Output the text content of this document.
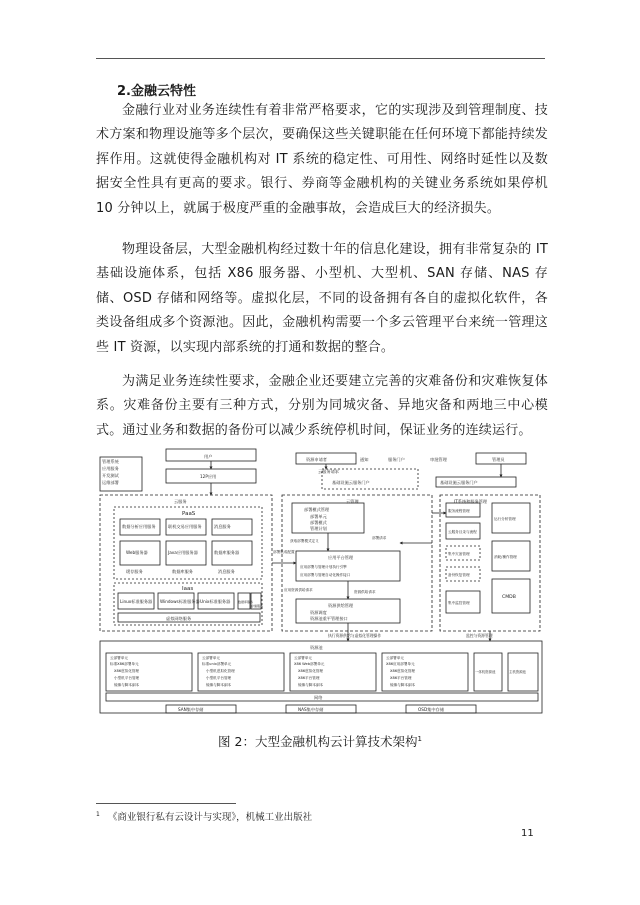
2.金融云特性
金融行业对业务连续性有着非常严格要求，它的实现涉及到管理制度、技术方案和物理设施等多个层次，要确保这些关键职能在任何环境下都能持续发挥作用。这就使得金融机构对 IT 系统的稳定性、可用性、网络时延性以及数据安全性具有更高的要求。银行、券商等金融机构的关键业务系统如果停机 10 分钟以上，就属于极度严重的金融事故，会造成巨大的经济损失。
物理设备层，大型金融机构经过数十年的信息化建设，拥有非常复杂的 IT 基础设施体系，包括 X86 服务器、小型机、大型机、SAN 存储、NAS 存储、OSD 存储和网络等。虚拟化层，不同的设备拥有各自的虚拟化软件，各类设备组成多个资源池。因此，金融机构需要一个多云管理平台来统一管理这些 IT 资源，以实现内部系统的打通和数据的整合。
为满足业务连续性要求，金融企业还要建立完善的灾难备份和灾难恢复体系。灾难备份主要有三种方式，分别为同城灾备、异地灾备和两地三中心模式。通过业务和数据的备份可以减少系统停机时间，保证业务的连续运行。
管理系统
应用服务
开发测试
运维部署
用户
12P应用
资源申请者	通知
云服务请求
服务门户	审批管理	管理员
基础设施云服务门户	基础设施云服务门户
云服务
PaaS
数据分析应用服务	联机交易应用服务	消息服务
Web服务器	Java应用服务器	数据库服务器
缓存服务	数据库服务	消息服务
Iaas
Linux标准服务器 Windows标准服务器 Unix标准服务器	数据库服务
存储服务
虚拟网络服务
部署集成配置
云管理
部署模式管理
部署单元
部署模式
管理计划
获取部署模式定义
部署请求
应用平台管理
应用部署与管理计划执行引擎
应用部署与管理自动化操作接口
应用资源供给请求	资源供给请求
资源供给管理
资源调度
资源池重平管理接口
IT系统和服务管理
服务流程管理
运行分析管理
云服务目录与流程
消耗/操作管理
集中灾备管理
备份恢复管理
集中监控管理
CMDB
执行资源供给与虚拟化管理操作	监控与资源管理
资源池
云部署单元
标准X86部署单元
X86虚拟化管理
小型机平台管理
镜像与脚本副本
云部署单元
标准unix部署单元
小型机虚拟化管理
小型机平台管理
镜像与脚本副本
云部署单元
X86 Web部署单元
X86虚拟化管理
X86平台管理
镜像与脚本副本
云部署单元
X86应用部署单元
X86虚拟化管理
X86平台管理
镜像与脚本副本
一体机资源池	主机资源池
网络
SAN集中存储	NAS集中存储	OSD集中存储
图 2：大型金融机构云计算技术架构$^1$
$^1$ 《商业银行私有云设计与实现》，机械工业出版社
11
